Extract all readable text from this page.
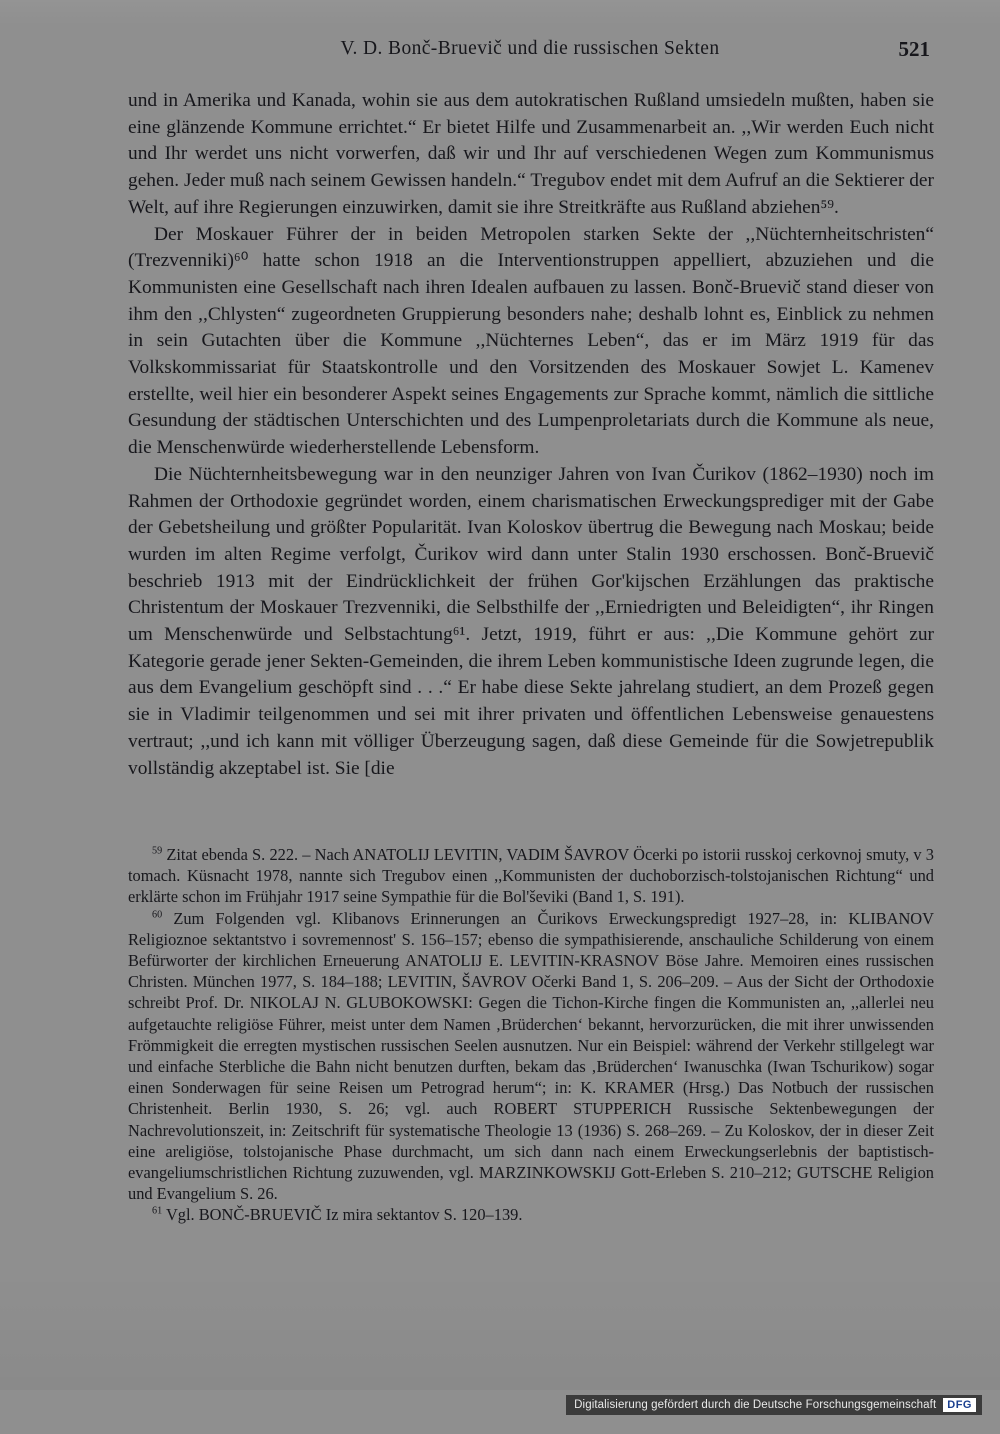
V. D. Bonč-Bruevič und die russischen Sekten	521

und in Amerika und Kanada, wohin sie aus dem autokratischen Rußland umsiedeln mußten, haben sie eine glänzende Kommune errichtet.“ Er bietet Hilfe und Zusammenarbeit an. ,,Wir werden Euch nicht und Ihr werdet uns nicht vorwerfen, daß wir und Ihr auf verschiedenen Wegen zum Kommunismus gehen. Jeder muß nach seinem Gewissen handeln.“ Tregubov endet mit dem Aufruf an die Sektierer der Welt, auf ihre Regierungen einzuwirken, damit sie ihre Streitkräfte aus Rußland abziehen⁵⁹.

Der Moskauer Führer der in beiden Metropolen starken Sekte der ,,Nüchternheitschristen“ (Trezvenniki)⁶⁰ hatte schon 1918 an die Interventionstruppen appelliert, abzuziehen und die Kommunisten eine Gesellschaft nach ihren Idealen aufbauen zu lassen. Bonč-Bruevič stand dieser von ihm den ,,Chlysten“ zugeordneten Gruppierung besonders nahe; deshalb lohnt es, Einblick zu nehmen in sein Gutachten über die Kommune ,,Nüchternes Leben“, das er im März 1919 für das Volkskommissariat für Staatskontrolle und den Vorsitzenden des Moskauer Sowjet L. Kamenev erstellte, weil hier ein besonderer Aspekt seines Engagements zur Sprache kommt, nämlich die sittliche Gesundung der städtischen Unterschichten und des Lumpenproletariats durch die Kommune als neue, die Menschenwürde wiederherstellende Lebensform.

Die Nüchternheitsbewegung war in den neunziger Jahren von Ivan Čurikov (1862–1930) noch im Rahmen der Orthodoxie gegründet worden, einem charismatischen Erweckungsprediger mit der Gabe der Gebetsheilung und größter Popularität. Ivan Koloskov übertrug die Bewegung nach Moskau; beide wurden im alten Regime verfolgt, Čurikov wird dann unter Stalin 1930 erschossen. Bonč-Bruevič beschrieb 1913 mit der Eindrücklichkeit der frühen Gor'kijschen Erzählungen das praktische Christentum der Moskauer Trezvenniki, die Selbsthilfe der ,,Erniedrigten und Beleidigten“, ihr Ringen um Menschenwürde und Selbstachtung⁶¹. Jetzt, 1919, führt er aus: ,,Die Kommune gehört zur Kategorie gerade jener Sekten-Gemeinden, die ihrem Leben kommunistische Ideen zugrunde legen, die aus dem Evangelium geschöpft sind . . .“ Er habe diese Sekte jahrelang studiert, an dem Prozeß gegen sie in Vladimir teilgenommen und sei mit ihrer privaten und öffentlichen Lebensweise genauestens vertraut; ,,und ich kann mit völliger Überzeugung sagen, daß diese Gemeinde für die Sowjetrepublik vollständig akzeptabel ist. Sie [die

$^{59}$ Zitat ebenda S. 222. – Nach ANATOLIJ LEVITIN, VADIM ŠAVROV Öcerki po istorii russkoj cerkovnoj smuty, v 3 tomach. Küsnacht 1978, nannte sich Tregubov einen ,,Kommunisten der duchoborzisch-tolstojanischen Richtung“ und erklärte schon im Frühjahr 1917 seine Sympathie für die Bol'ševiki (Band 1, S. 191).

$^{60}$ Zum Folgenden vgl. Klibanovs Erinnerungen an Čurikovs Erweckungspredigt 1927–28, in: KLIBANOV Religioznoe sektantstvo i sovremennost' S. 156–157; ebenso die sympathisierende, anschauliche Schilderung von einem Befürworter der kirchlichen Erneuerung ANATOLIJ E. LEVITIN-KRASNOV Böse Jahre. Memoiren eines russischen Christen. München 1977, S. 184–188; LEVITIN, ŠAVROV Očerki Band 1, S. 206–209. – Aus der Sicht der Orthodoxie schreibt Prof. Dr. NIKOLAJ N. GLUBOKOWSKI: Gegen die Tichon-Kirche fingen die Kommunisten an, ,,allerlei neu aufgetauchte religiöse Führer, meist unter dem Namen ‚Brüderchen‘ bekannt, hervorzurücken, die mit ihrer unwissenden Frömmigkeit die erregten mystischen russischen Seelen ausnutzen. Nur ein Beispiel: während der Verkehr stillgelegt war und einfache Sterbliche die Bahn nicht benutzen durften, bekam das ‚Brüderchen‘ Iwanuschka (Iwan Tschurikow) sogar einen Sonderwagen für seine Reisen um Petrograd herum“; in: K. KRAMER (Hrsg.) Das Notbuch der russischen Christenheit. Berlin 1930, S. 26; vgl. auch ROBERT STUPPERICH Russische Sektenbewegungen der Nachrevolutionszeit, in: Zeitschrift für systematische Theologie 13 (1936) S. 268–269. – Zu Koloskov, der in dieser Zeit eine areligiöse, tolstojanische Phase durchmacht, um sich dann nach einem Erweckungserlebnis der baptistisch-evangeliumschristlichen Richtung zuzuwenden, vgl. MARZINKOWSKIJ Gott-Erleben S. 210–212; GUTSCHE Religion und Evangelium S. 26.

$^{61}$ Vgl. BONČ-BRUEVIČ Iz mira sektantov S. 120–139.

Digitalisierung gefördert durch die Deutsche Forschungsgemeinschaft	DFG
